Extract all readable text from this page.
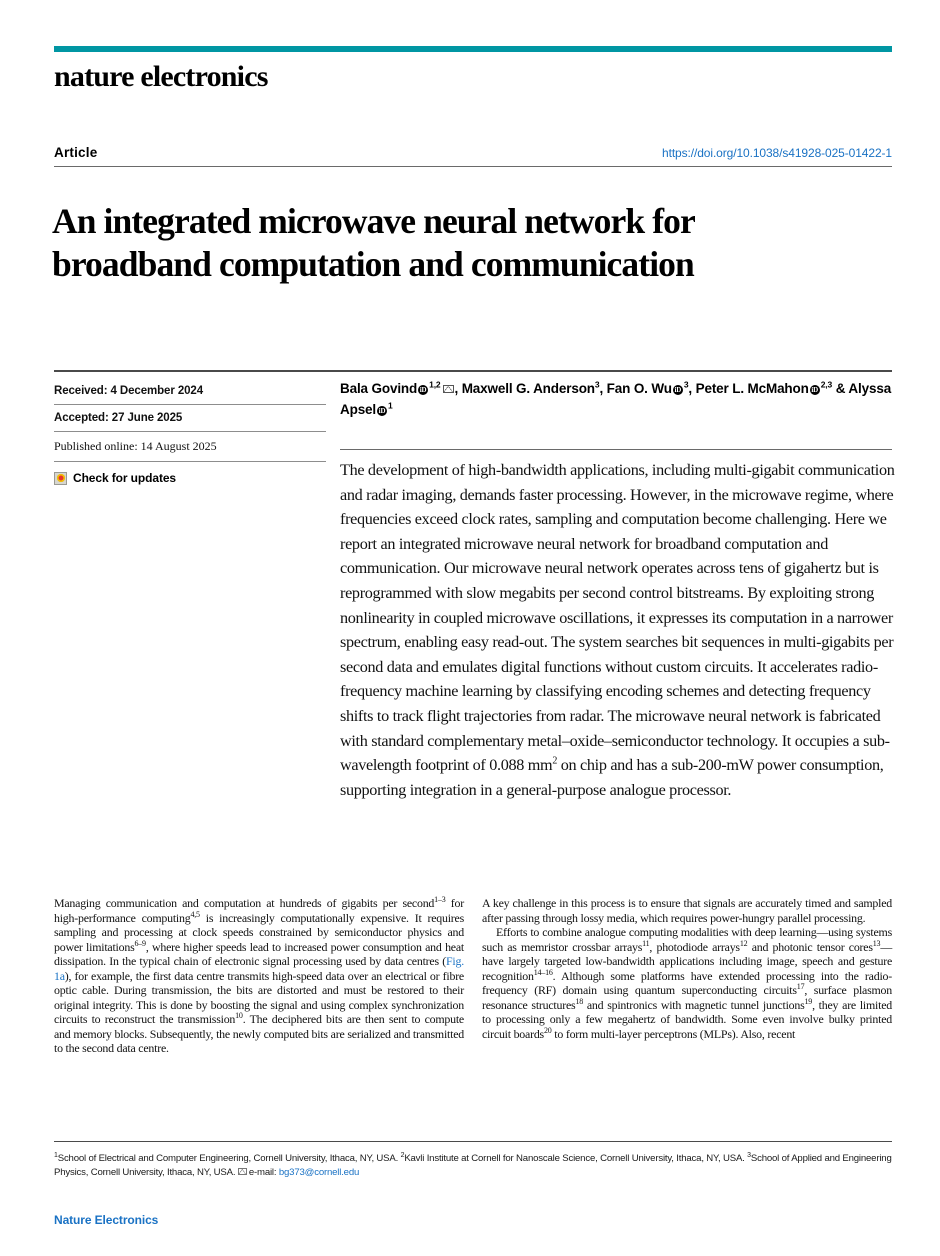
nature electronics
Article	https://doi.org/10.1038/s41928-025-01422-1
An integrated microwave neural network for broadband computation and communication
Received: 4 December 2024
Accepted: 27 June 2025
Published online: 14 August 2025
Check for updates
Bala Govind iD$^{1,2}$ , Maxwell G. Anderson$^3$, Fan O. Wu $iD^3$, Peter L. McMahon iD$^{2,3}$ & Alyssa Apsel $iD^1$
The development of high-bandwidth applications, including multi-gigabit communication and radar imaging, demands faster processing. However, in the microwave regime, where frequencies exceed clock rates, sampling and computation become challenging. Here we report an integrated microwave neural network for broadband computation and communication. Our microwave neural network operates across tens of gigahertz but is reprogrammed with slow megabits per second control bitstreams. By exploiting strong nonlinearity in coupled microwave oscillations, it expresses its computation in a narrower spectrum, enabling easy read-out. The system searches bit sequences in multi-gigabits per second data and emulates digital functions without custom circuits. It accelerates radio-frequency machine learning by classifying encoding schemes and detecting frequency shifts to track flight trajectories from radar. The microwave neural network is fabricated with standard complementary metal–oxide–semiconductor technology. It occupies a sub-wavelength footprint of 0.088 $mm^2$ on chip and has a sub-200-mW power consumption, supporting integration in a general-purpose analogue processor.

Managing communication and computation at hundreds of gigabits per second$^{1-3}$ for high-performance computing$^{4,5}$ is increasingly computationally expensive. It requires sampling and processing at clock speeds constrained by semiconductor physics and power limitations$^{6-9}$, where higher speeds lead to increased power consumption and heat dissipation. In the typical chain of electronic signal processing used by data centres (Fig. 1a), for example, the first data centre transmits high-speed data over an electrical or fibre optic cable. During transmission, the bits are distorted and must be restored to their original integrity. This is done by boosting the signal and using complex synchronization circuits to reconstruct the transmission$^{10}$. The deciphered bits are then sent to compute and memory blocks. Subsequently, the newly computed bits are serialized and transmitted to the second data centre.

A key challenge in this process is to ensure that signals are accurately timed and sampled after passing through lossy media, which requires power-hungry parallel processing.

Efforts to combine analogue computing modalities with deep learning—using systems such as memristor crossbar arrays$^{11}$, photodiode arrays$^{12}$ and photonic tensor cores$^{13}$—have largely targeted low-bandwidth applications including image, speech and gesture recognition$^{14-16}$. Although some platforms have extended processing into the radio-frequency (RF) domain using quantum superconducting circuits$^{17}$, surface plasmon resonance structures$^{18}$ and spintronics with magnetic tunnel junctions$^{19}$, they are limited to processing only a few megahertz of bandwidth. Some even involve bulky printed circuit boards$^{20}$ to form multi-layer perceptrons (MLPs). Also, recent

$^1$School of Electrical and Computer Engineering, Cornell University, Ithaca, NY, USA. $^2$Kavli Institute at Cornell for Nanoscale Science, Cornell University, Ithaca, NY, USA. $^3$School of Applied and Engineering Physics, Cornell University, Ithaca, NY, USA. e-mail: bg373@cornell.edu
Nature Electronics
